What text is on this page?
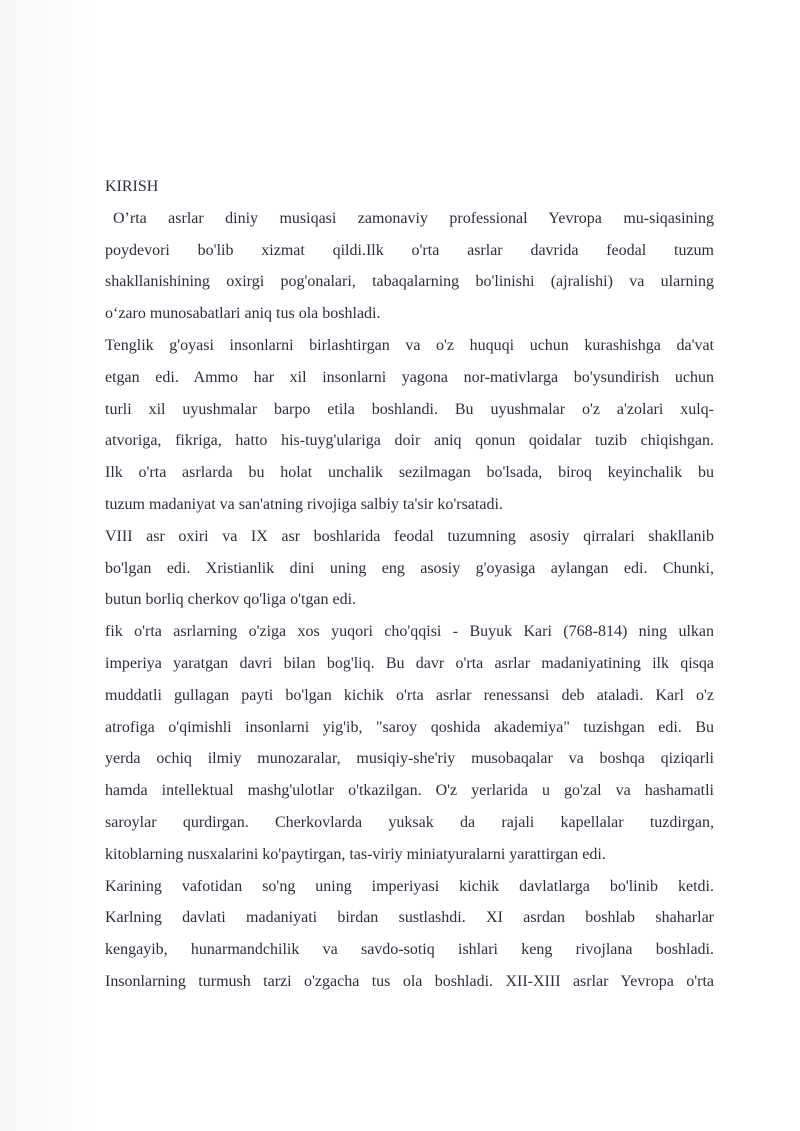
KIRISH
O’rta asrlar diniy musiqasi zamonaviy professional Yevropa mu-siqasining
poydevori bo'lib xizmat qildi.Ilk o'rta asrlar davrida feodal tuzum
shakllanishining oxirgi pog'onalari, tabaqalarning bo'linishi (ajralishi) va ularning
o‘zaro munosabatlari aniq tus ola boshladi.
Tenglik g'oyasi insonlarni birlashtirgan va o'z huquqi uchun kurashishga da'vat
etgan edi. Ammo har xil insonlarni yagona nor-mativlarga bo'ysundirish uchun
turli xil uyushmalar barpo etila boshlandi. Bu uyushmalar o'z a'zolari xulq-
atvoriga, fikriga, hatto his-tuyg'ulariga doir aniq qonun qoidalar tuzib chiqishgan.
Ilk o'rta asrlarda bu holat unchalik sezilmagan bo'lsada, biroq keyinchalik bu
tuzum madaniyat va san'atning rivojiga salbiy ta'sir ko'rsatadi.
VIII asr oxiri va IX asr boshlarida feodal tuzumning asosiy qirralari shakllanib
bo'lgan edi. Xristianlik dini uning eng asosiy g'oyasiga aylangan edi. Chunki,
butun borliq cherkov qo'liga o'tgan edi.
fik o'rta asrlarning o'ziga xos yuqori cho'qqisi - Buyuk Kari (768-814) ning ulkan
imperiya yaratgan davri bilan bog'liq. Bu davr o'rta asrlar madaniyatining ilk qisqa
muddatli gullagan payti bo'lgan kichik o'rta asrlar renessansi deb ataladi. Karl o'z
atrofiga o'qimishli insonlarni yig'ib, "saroy qoshida akademiya" tuzishgan edi. Bu
yerda ochiq ilmiy munozaralar, musiqiy-she'riy musobaqalar va boshqa qiziqarli
hamda intellektual mashg'ulotlar o'tkazilgan. O'z yerlarida u go'zal va hashamatli
saroylar qurdirgan. Cherkovlarda yuksak da rajali kapellalar tuzdirgan,
kitoblarning nusxalarini ko'paytirgan, tas-viriy miniatyuralarni yarattirgan edi.
Karining vafotidan so'ng uning imperiyasi kichik davlatlarga bo'linib ketdi.
Karlning davlati madaniyati birdan sustlashdi. XI asrdan boshlab shaharlar
kengayib, hunarmandchilik va savdo-sotiq ishlari keng rivojlana boshladi.
Insonlarning turmush tarzi o'zgacha tus ola boshladi. XII-XIII asrlar Yevropa o'rta
